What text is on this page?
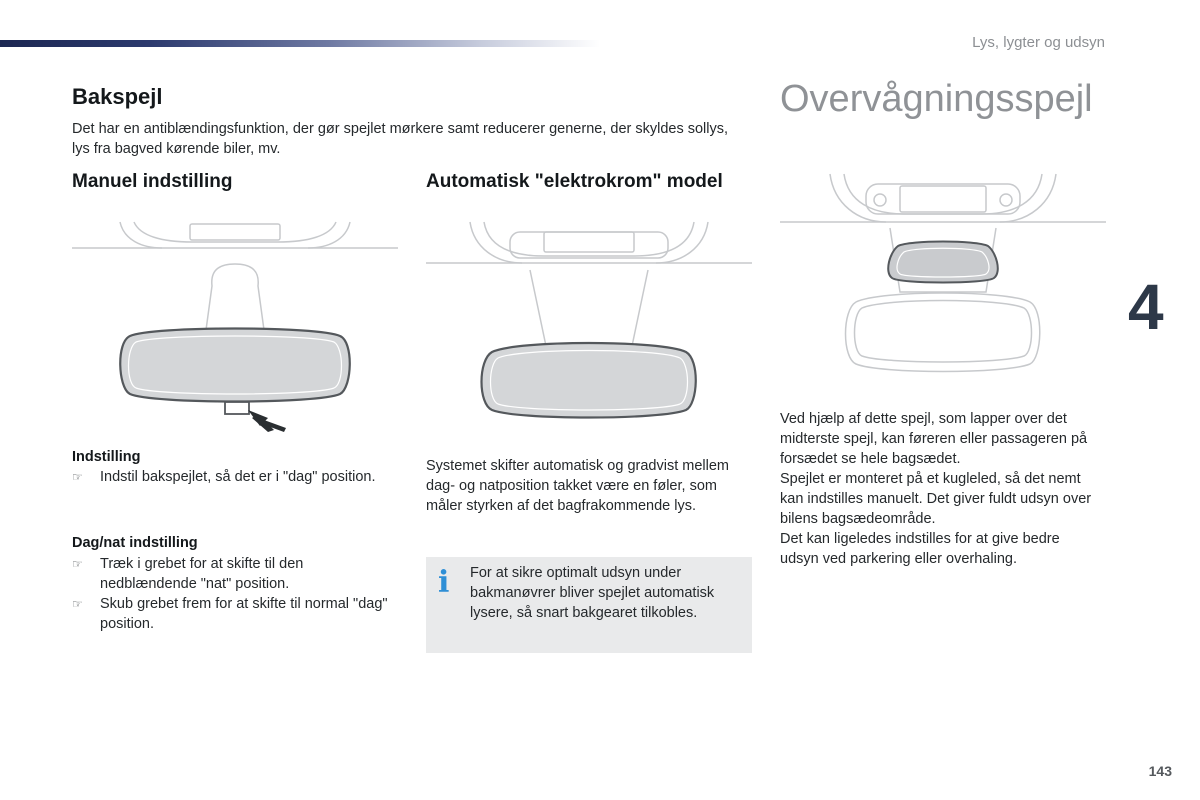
Lys, lygter og udsyn
4
Bakspejl
Det har en antiblændingsfunktion, der gør spejlet mørkere samt reducerer generne, der skyldes sollys, lys fra bagved kørende biler, mv.
Manuel indstilling
Indstilling
☞ Indstil bakspejlet, så det er i "dag" position.
Dag/nat indstilling
☞ Træk i grebet for at skifte til den nedblændende "nat" position.
☞ Skub grebet frem for at skifte til normal "dag" position.
Automatisk "elektrokrom" model
Systemet skifter automatisk og gradvist mellem dag- og natposition takket være en føler, som måler styrken af det bagfrakommende lys.
i For at sikre optimalt udsyn under bakmanøvrer bliver spejlet automatisk lysere, så snart bakgearet tilkobles.
Overvågningsspejl
Ved hjælp af dette spejl, som lapper over det midterste spejl, kan føreren eller passageren på forsædet se hele bagsædet.
Spejlet er monteret på et kugleled, så det nemt kan indstilles manuelt. Det giver fuldt udsyn over bilens bagsædeområde.
Det kan ligeledes indstilles for at give bedre udsyn ved parkering eller overhaling.
143
